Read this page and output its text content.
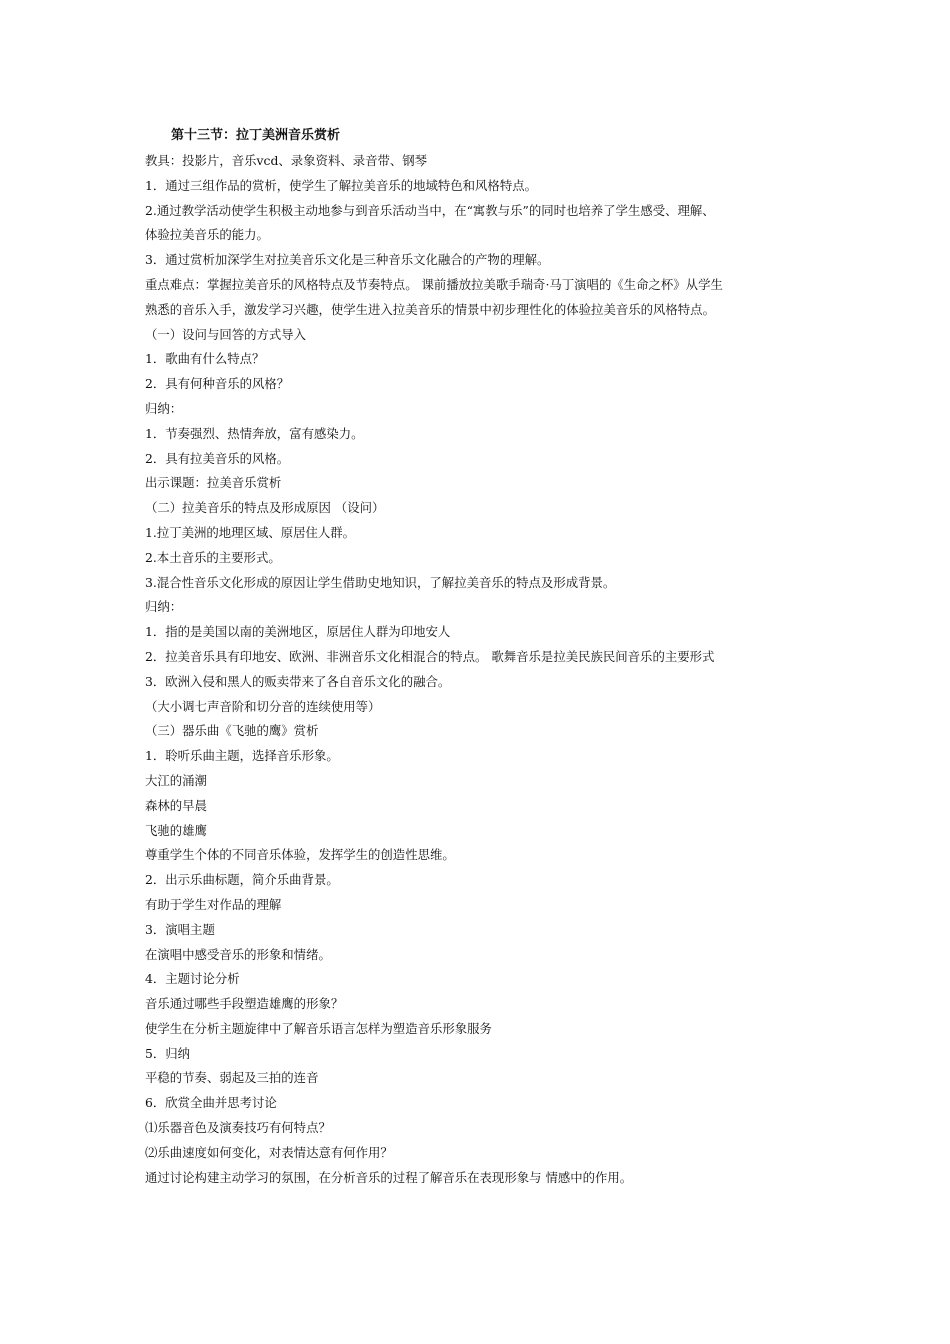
第十三节：拉丁美洲音乐赏析
教具：投影片，音乐vcd、录象资料、录音带、钢琴
1．通过三组作品的赏析，使学生了解拉美音乐的地域特色和风格特点。
2.通过教学活动使学生积极主动地参与到音乐活动当中，在“寓教与乐”的同时也培养了学生感受、理解、
体验拉美音乐的能力。
3．通过赏析加深学生对拉美音乐文化是三种音乐文化融合的产物的理解。
重点难点：掌握拉美音乐的风格特点及节奏特点。 课前播放拉美歌手瑞奇·马丁演唱的《生命之杯》从学生
熟悉的音乐入手，激发学习兴趣，使学生进入拉美音乐的情景中初步理性化的体验拉美音乐的风格特点。
（一）设问与回答的方式导入
1．歌曲有什么特点？
2．具有何种音乐的风格？
归纳：
1．节奏强烈、热情奔放，富有感染力。
2．具有拉美音乐的风格。
出示课题：拉美音乐赏析
（二）拉美音乐的特点及形成原因 （设问）
1.拉丁美洲的地理区域、原居住人群。
2.本土音乐的主要形式。
3.混合性音乐文化形成的原因让学生借助史地知识，了解拉美音乐的特点及形成背景。
归纳：
1．指的是美国以南的美洲地区，原居住人群为印地安人
2．拉美音乐具有印地安、欧洲、非洲音乐文化相混合的特点。 歌舞音乐是拉美民族民间音乐的主要形式
3．欧洲入侵和黑人的贩卖带来了各自音乐文化的融合。
（大小调七声音阶和切分音的连续使用等）
（三）器乐曲《飞驰的鹰》赏析
1．聆听乐曲主题，选择音乐形象。
大江的涌潮
森林的早晨
飞驰的雄鹰
尊重学生个体的不同音乐体验，发挥学生的创造性思维。
2．出示乐曲标题，简介乐曲背景。
有助于学生对作品的理解
3．演唱主题
在演唱中感受音乐的形象和情绪。
4．主题讨论分析
音乐通过哪些手段塑造雄鹰的形象？
使学生在分析主题旋律中了解音乐语言怎样为塑造音乐形象服务
5．归纳
平稳的节奏、弱起及三拍的连音
6．欣赏全曲并思考讨论
⑴乐器音色及演奏技巧有何特点？
⑵乐曲速度如何变化，对表情达意有何作用？
通过讨论构建主动学习的氛围，在分析音乐的过程了解音乐在表现形象与 情感中的作用。
